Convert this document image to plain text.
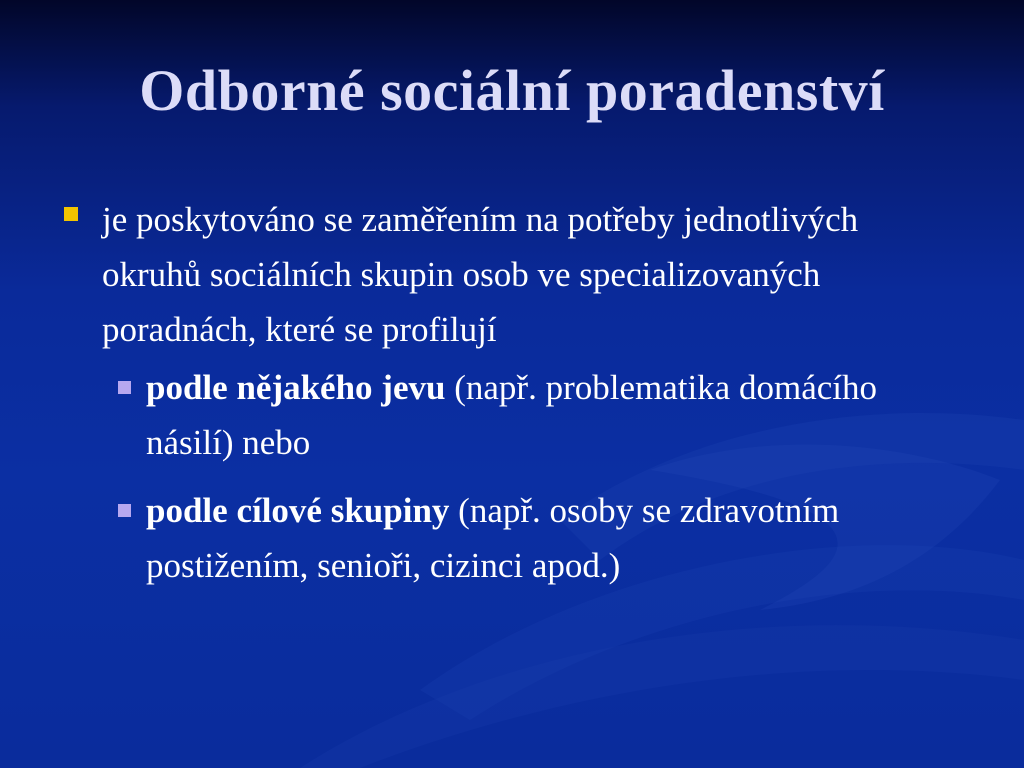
Odborné sociální poradenství
je poskytováno se zaměřením na potřeby jednotlivých okruhů sociálních skupin osob ve specializovaných poradnách, které se profilují
podle nějakého jevu (např. problematika domácího násilí) nebo
podle cílové skupiny (např. osoby se zdravotním postižením, senioři, cizinci apod.)
